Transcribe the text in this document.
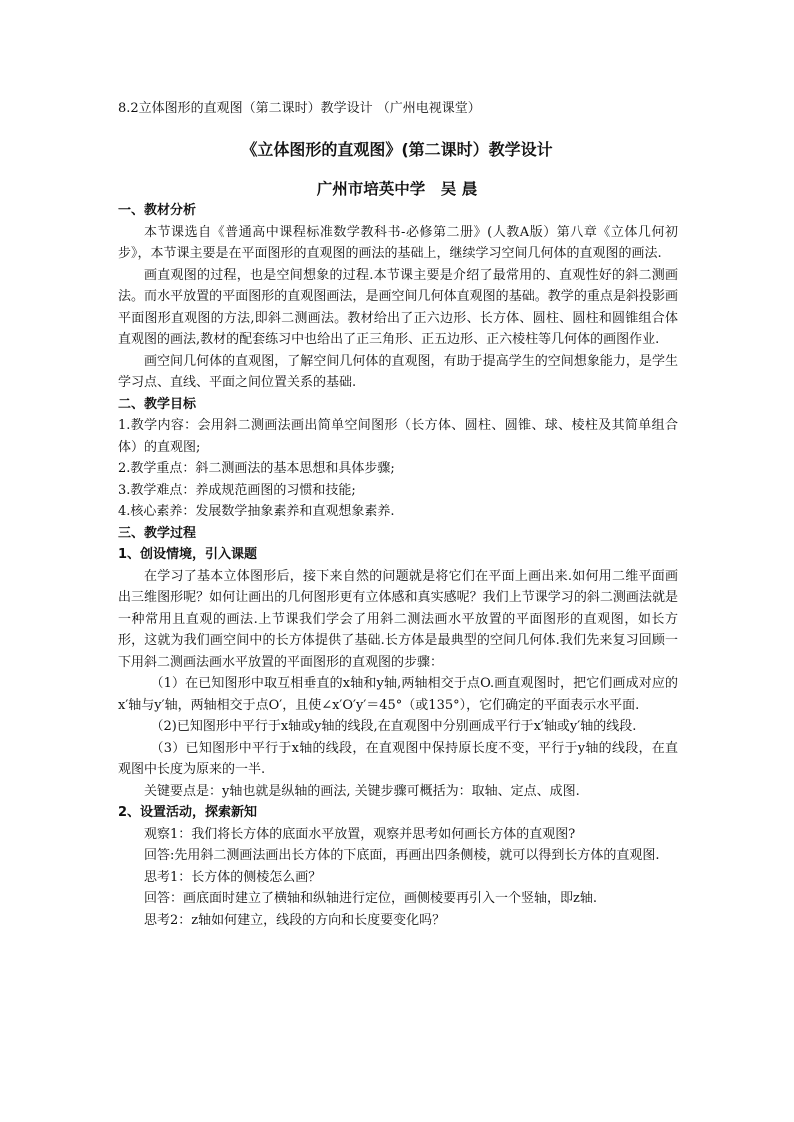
8.2立体图形的直观图（第二课时）教学设计 （广州电视课堂）
《立体图形的直观图》(第二课时）教学设计
广州市培英中学　吴 晨
一、教材分析
本节课选自《普通高中课程标准数学教科书-必修第二册》(人教A版）第八章《立体几何初步》，本节课主要是在平面图形的直观图的画法的基础上，继续学习空间几何体的直观图的画法.
画直观图的过程，也是空间想象的过程.本节课主要是介绍了最常用的、直观性好的斜二测画法。而水平放置的平面图形的直观图画法，是画空间几何体直观图的基础。教学的重点是斜投影画平面图形直观图的方法,即斜二测画法。教材给出了正六边形、长方体、圆柱、圆柱和圆锥组合体直观图的画法,教材的配套练习中也给出了正三角形、正五边形、正六棱柱等几何体的画图作业.
画空间几何体的直观图，了解空间几何体的直观图，有助于提高学生的空间想象能力，是学生学习点、直线、平面之间位置关系的基础.
二、教学目标
1.教学内容：会用斜二测画法画出简单空间图形（长方体、圆柱、圆锥、球、棱柱及其简单组合体）的直观图;
2.教学重点：斜二测画法的基本思想和具体步骤;
3.教学难点：养成规范画图的习惯和技能;
4.核心素养：发展数学抽象素养和直观想象素养.
三、教学过程
1、创设情境，引入课题
在学习了基本立体图形后，接下来自然的问题就是将它们在平面上画出来.如何用二维平面画出三维图形呢？如何让画出的几何图形更有立体感和真实感呢？我们上节课学习的斜二测画法就是一种常用且直观的画法.上节课我们学会了用斜二测法画水平放置的平面图形的直观图，如长方形，这就为我们画空间中的长方体提供了基础.长方体是最典型的空间几何体.我们先来复习回顾一下用斜二测画法画水平放置的平面图形的直观图的步骤：
（1）在已知图形中取互相垂直的x轴和y轴,两轴相交于点O.画直观图时，把它们画成对应的x′轴与y′轴，两轴相交于点O′，且使∠x′O′y′＝45°（或135°），它们确定的平面表示水平面.
（2)已知图形中平行于x轴或y轴的线段,在直观图中分别画成平行于x′轴或y′轴的线段.
（3）已知图形中平行于x轴的线段，在直观图中保持原长度不变，平行于y轴的线段，在直观图中长度为原来的一半.
关键要点是：y轴也就是纵轴的画法, 关键步骤可概括为：取轴、定点、成图.
2、设置活动，探索新知
观察1：我们将长方体的底面水平放置，观察并思考如何画长方体的直观图?
回答:先用斜二测画法画出长方体的下底面，再画出四条侧棱，就可以得到长方体的直观图.
思考1：长方体的侧棱怎么画？
回答：画底面时建立了横轴和纵轴进行定位，画侧棱要再引入一个竖轴，即z轴.
思考2：z轴如何建立，线段的方向和长度要变化吗？
